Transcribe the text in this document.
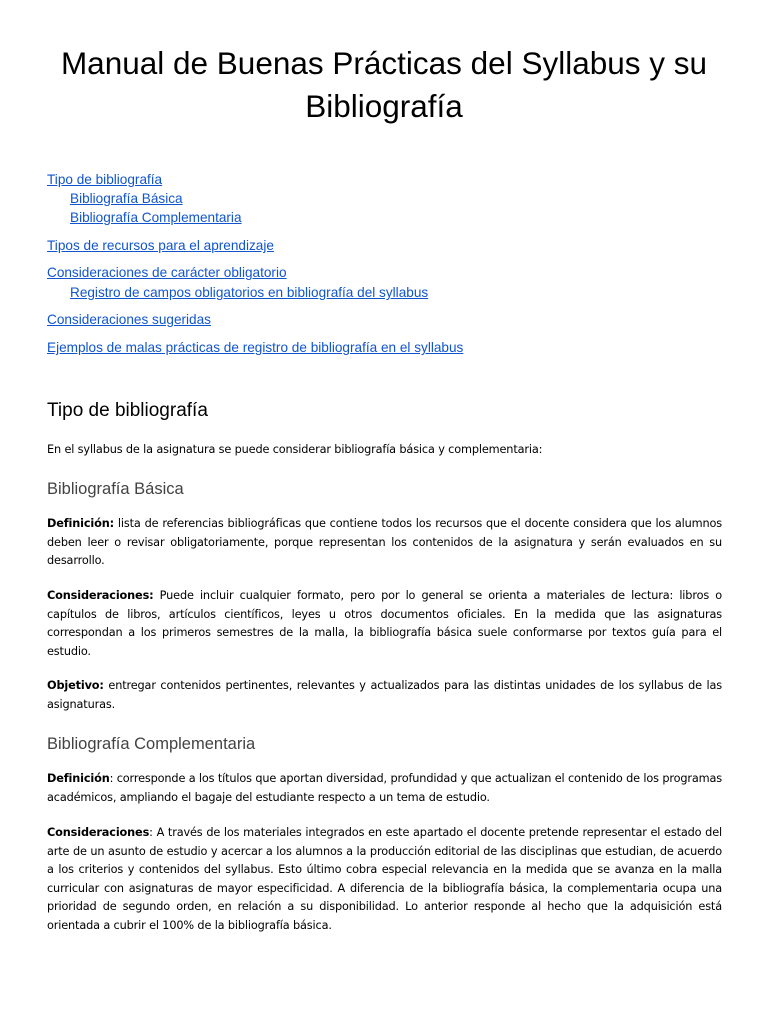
Manual de Buenas Prácticas del Syllabus y su Bibliografía
Tipo de bibliografía
Bibliografía Básica
Bibliografía Complementaria
Tipos de recursos para el aprendizaje
Consideraciones de carácter obligatorio
Registro de campos obligatorios en bibliografía del syllabus
Consideraciones sugeridas
Ejemplos de malas prácticas de registro de bibliografía en el syllabus
Tipo de bibliografía

En el syllabus de la asignatura se puede considerar bibliografía básica y complementaria:

Bibliografía Básica

Definición: lista de referencias bibliográficas que contiene todos los recursos que el docente considera que los alumnos deben leer o revisar obligatoriamente, porque representan los contenidos de la asignatura y serán evaluados en su desarrollo.

Consideraciones: Puede incluir cualquier formato, pero por lo general se orienta a materiales de lectura: libros o capítulos de libros, artículos científicos, leyes u otros documentos oficiales. En la medida que las asignaturas correspondan a los primeros semestres de la malla, la bibliografía básica suele conformarse por textos guía para el estudio.

Objetivo: entregar contenidos pertinentes, relevantes y actualizados para las distintas unidades de los syllabus de las asignaturas.

Bibliografía Complementaria

Definición: corresponde a los títulos que aportan diversidad, profundidad y que actualizan el contenido de los programas académicos, ampliando el bagaje del estudiante respecto a un tema de estudio.

Consideraciones: A través de los materiales integrados en este apartado el docente pretende representar el estado del arte de un asunto de estudio y acercar a los alumnos a la producción editorial de las disciplinas que estudian, de acuerdo a los criterios y contenidos del syllabus. Esto último cobra especial relevancia en la medida que se avanza en la malla curricular con asignaturas de mayor especificidad. A diferencia de la bibliografía básica, la complementaria ocupa una prioridad de segundo orden, en relación a su disponibilidad. Lo anterior responde al hecho que la adquisición está orientada a cubrir el 100% de la bibliografía básica.
